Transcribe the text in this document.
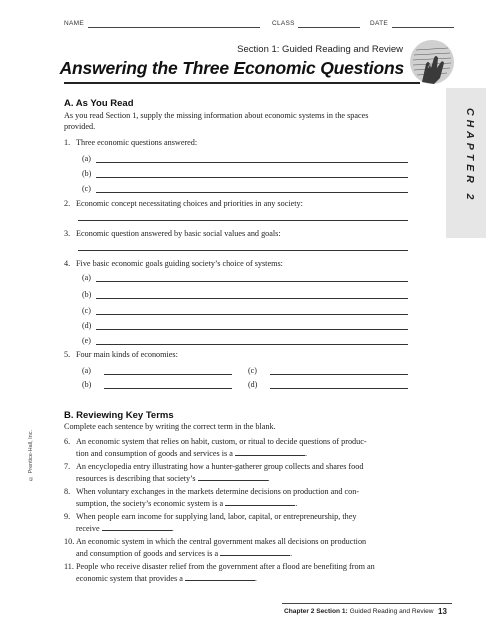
NAME	CLASS	DATE
Section 1: Guided Reading and Review
Answering the Three Economic Questions
CHAPTER 2
© Prentice-Hall, Inc.
A. As You Read
As you read Section 1, supply the missing information about economic systems in the spaces
provided.
1. Three economic questions answered:
(a)
(b)
(c)
2. Economic concept necessitating choices and priorities in any society:
3. Economic question answered by basic social values and goals:
4. Five basic economic goals guiding society’s choice of systems:
(a)
(b)
(c)
(d)
(e)
5. Four main kinds of economies:
(a)	(c)
(b)	(d)
B. Reviewing Key Terms
Complete each sentence by writing the correct term in the blank.
6. An economic system that relies on habit, custom, or ritual to decide questions of produc-
tion and consumption of goods and services is a	.
7. An encyclopedia entry illustrating how a hunter-gatherer group collects and shares food
resources is describing that society’s	.
8. When voluntary exchanges in the markets determine decisions on production and con-
sumption, the society’s economic system is a	.
9. When people earn income for supplying land, labor, capital, or entrepreneurship, they
receive	.
10. An economic system in which the central government makes all decisions on production
and consumption of goods and services is a	.
11. People who receive disaster relief from the government after a flood are benefiting from an
economic system that provides a	.
Chapter 2 Section 1: Guided Reading and Review 13
